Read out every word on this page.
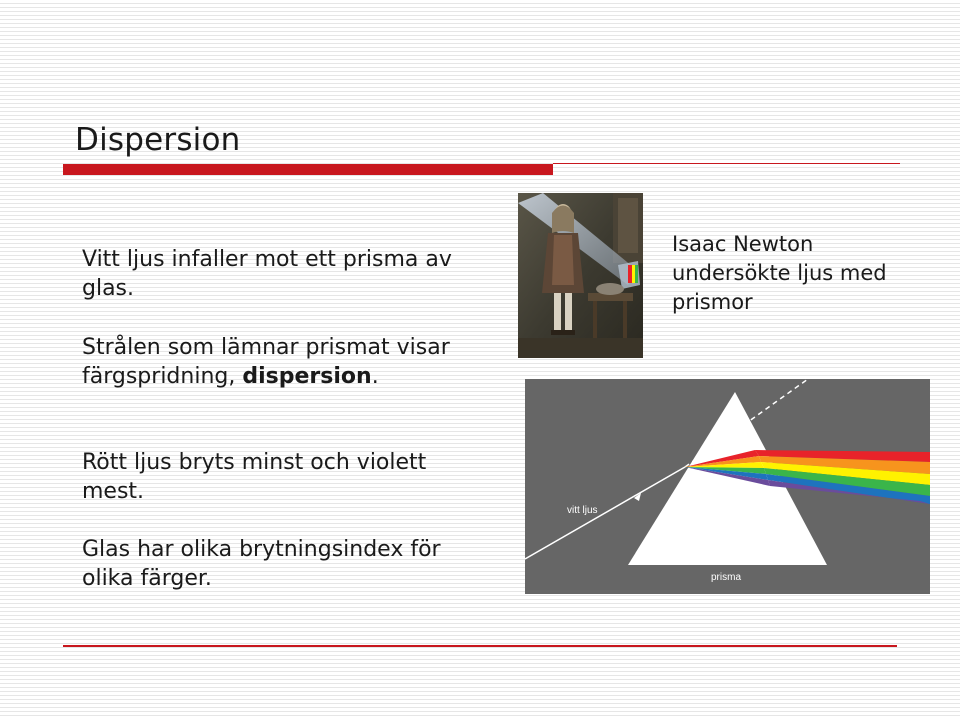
Dispersion
Vitt ljus infaller mot ett prisma av glas.
Strålen som lämnar prismat visar färgspridning, dispersion.
Rött ljus bryts minst och violett mest.
Glas har olika brytningsindex för olika färger.
Isaac Newton undersökte ljus med prismor
vitt ljus
prisma
